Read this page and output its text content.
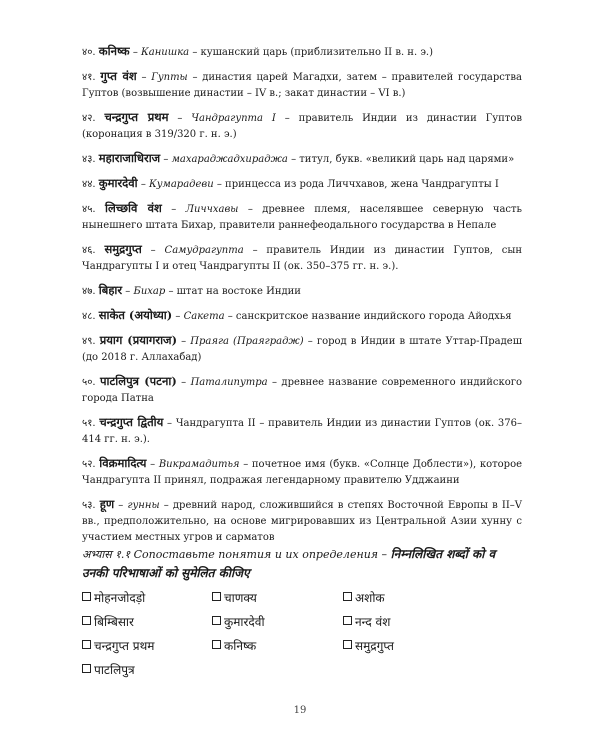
४०. कनिष्क – Канишка – кушанский царь (приблизительно II в. н. э.)
४१. गुप्त वंश – Гупты – династия царей Магадхи, затем – правителей государства Гуптов (возвышение династии – IV в.; закат династии – VI в.)
४२. चन्द्रगुप्त प्रथम – Чандрагупта I – правитель Индии из династии Гуптов (коронация в 319/320 г. н. э.)
४३. महाराजाधिराज – махараджадхираджа – титул, букв. «великий царь над царями»
४४. कुमारदेवी – Кумарадеви – принцесса из рода Личчхавов, жена Чандрагупты I
४५. लिच्छवि वंश – Личчхавы – древнее племя, населявшее северную часть нынешнего штата Бихар, правители раннефеодального государства в Непале
४६. समुद्रगुप्त – Самудрагупта – правитель Индии из династии Гуптов, сын Чандрагупты I и отец Чандрагупты II (ок. 350–375 гг. н. э.).
४७. बिहार – Бихар – штат на востоке Индии
४८. साकेत (अयोध्या) – Сакета – санскритское название индийского города Айодхья
४९. प्रयाग (प्रयागराज) – Праяга (Праяградж) – город в Индии в штате Уттар-Прадеш (до 2018 г. Аллахабад)
५०. पाटलिपुत्र (पटना) – Паталипутра – древнее название современного индийского города Патна
५१. चन्द्रगुप्त द्वितीय – Чандрагупта II – правитель Индии из династии Гуптов (ок. 376–414 гг. н. э.).
५२. विक्रमादित्य – Викрамадитья – почетное имя (букв. «Солнце Доблести»), которое Чандрагупта II принял, подражая легендарному правителю Удджаини
५३. हूण – гунны – древний народ, сложившийся в степях Восточной Европы в II–V вв., предположительно, на основе мигрировавших из Центральной Азии хунну с участием местных угров и сарматов
अभ्यास १.१ Сопоставьте понятия и их определения – निम्नलिखित शब्दों को व उनकी परिभाषाओं को सुमेलित कीजिए
मोहनजोदड़ो	चाणक्य	अशोक
बिम्बिसार	कुमारदेवी	नन्द वंश
चन्द्रगुप्त प्रथम	कनिष्क	समुद्रगुप्त
पाटलिपुत्र
19
